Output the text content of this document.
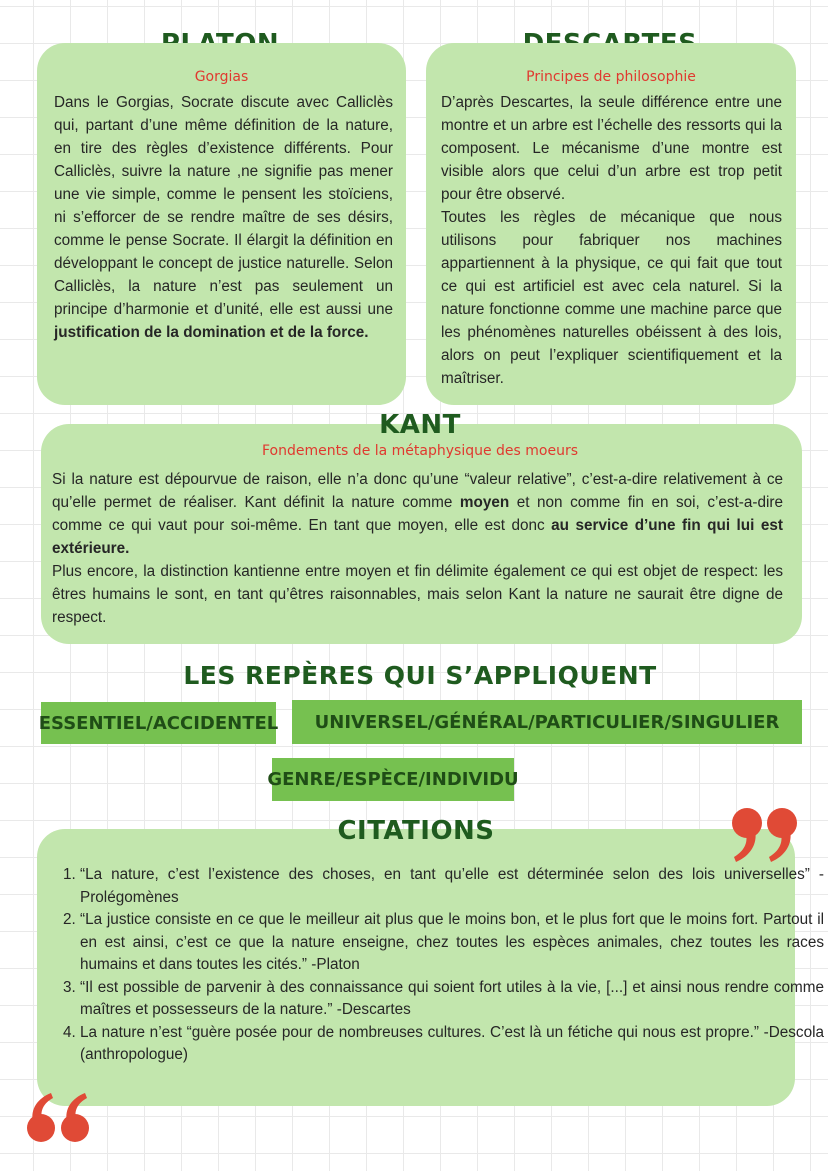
Gorgias

Dans le Gorgias, Socrate discute avec Calliclès qui, partant d’une même définition de la nature, en tire des règles d’existence différents. Pour Calliclès, suivre la nature ,ne signifie pas mener une vie simple, comme le pensent les stoïciens, ni s’efforcer de se rendre maître de ses désirs, comme le pense Socrate. Il élargit la définition en développant le concept de justice naturelle. Selon Calliclès, la nature n’est pas seulement un principe d’harmonie et d’unité, elle est aussi une justification de la domination et de la force.

Principes de philosophie

D’après Descartes, la seule différence entre une montre et un arbre est l’échelle des ressorts qui la composent. Le mécanisme d’une montre est visible alors que celui d’un arbre est trop petit pour être observé.

Toutes les règles de mécanique que nous utilisons pour fabriquer nos machines appartiennent à la physique, ce qui fait que tout ce qui est artificiel est avec cela naturel. Si la nature fonctionne comme une machine parce que les phénomènes naturelles obéissent à des lois, alors on peut l’expliquer scientifiquement et la maîtriser.

KANT
Fondements de la métaphysique des moeurs

Si la nature est dépourvue de raison, elle n’a donc qu’une “valeur relative”, c’est-a-dire relativement à ce qu’elle permet de réaliser. Kant définit la nature comme moyen et non comme fin en soi, c’est-a-dire comme ce qui vaut pour soi-même. En tant que moyen, elle est donc au service d’une fin qui lui est extérieure.

Plus encore, la distinction kantienne entre moyen et fin délimite également ce qui est objet de respect: les êtres humains le sont, en tant qu’êtres raisonnables, mais selon Kant la nature ne saurait être digne de respect.

LES REPÈRES QUI S’APPLIQUENT
ESSENTIEL/ACCIDENTEL	UNIVERSEL/GÉNÉRAL/PARTICULIER/SINGULIER
GENRE/ESPÈCE/INDIVIDU
CITATIONS
1. “La nature, c’est l’existence des choses, en tant qu’elle est déterminée selon des lois universelles” -Prolégomènes
2. “La justice consiste en ce que le meilleur ait plus que le moins bon, et le plus fort que le moins fort. Partout il en est ainsi, c’est ce que la nature enseigne, chez toutes les espèces animales, chez toutes les races humains et dans toutes les cités.” -Platon
3. “Il est possible de parvenir à des connaissance qui soient fort utiles à la vie, [...] et ainsi nous rendre comme maîtres et possesseurs de la nature.” -Descartes
4. La nature n’est “guère posée pour de nombreuses cultures. C’est là un fétiche qui nous est propre.” -Descola (anthropologue)
